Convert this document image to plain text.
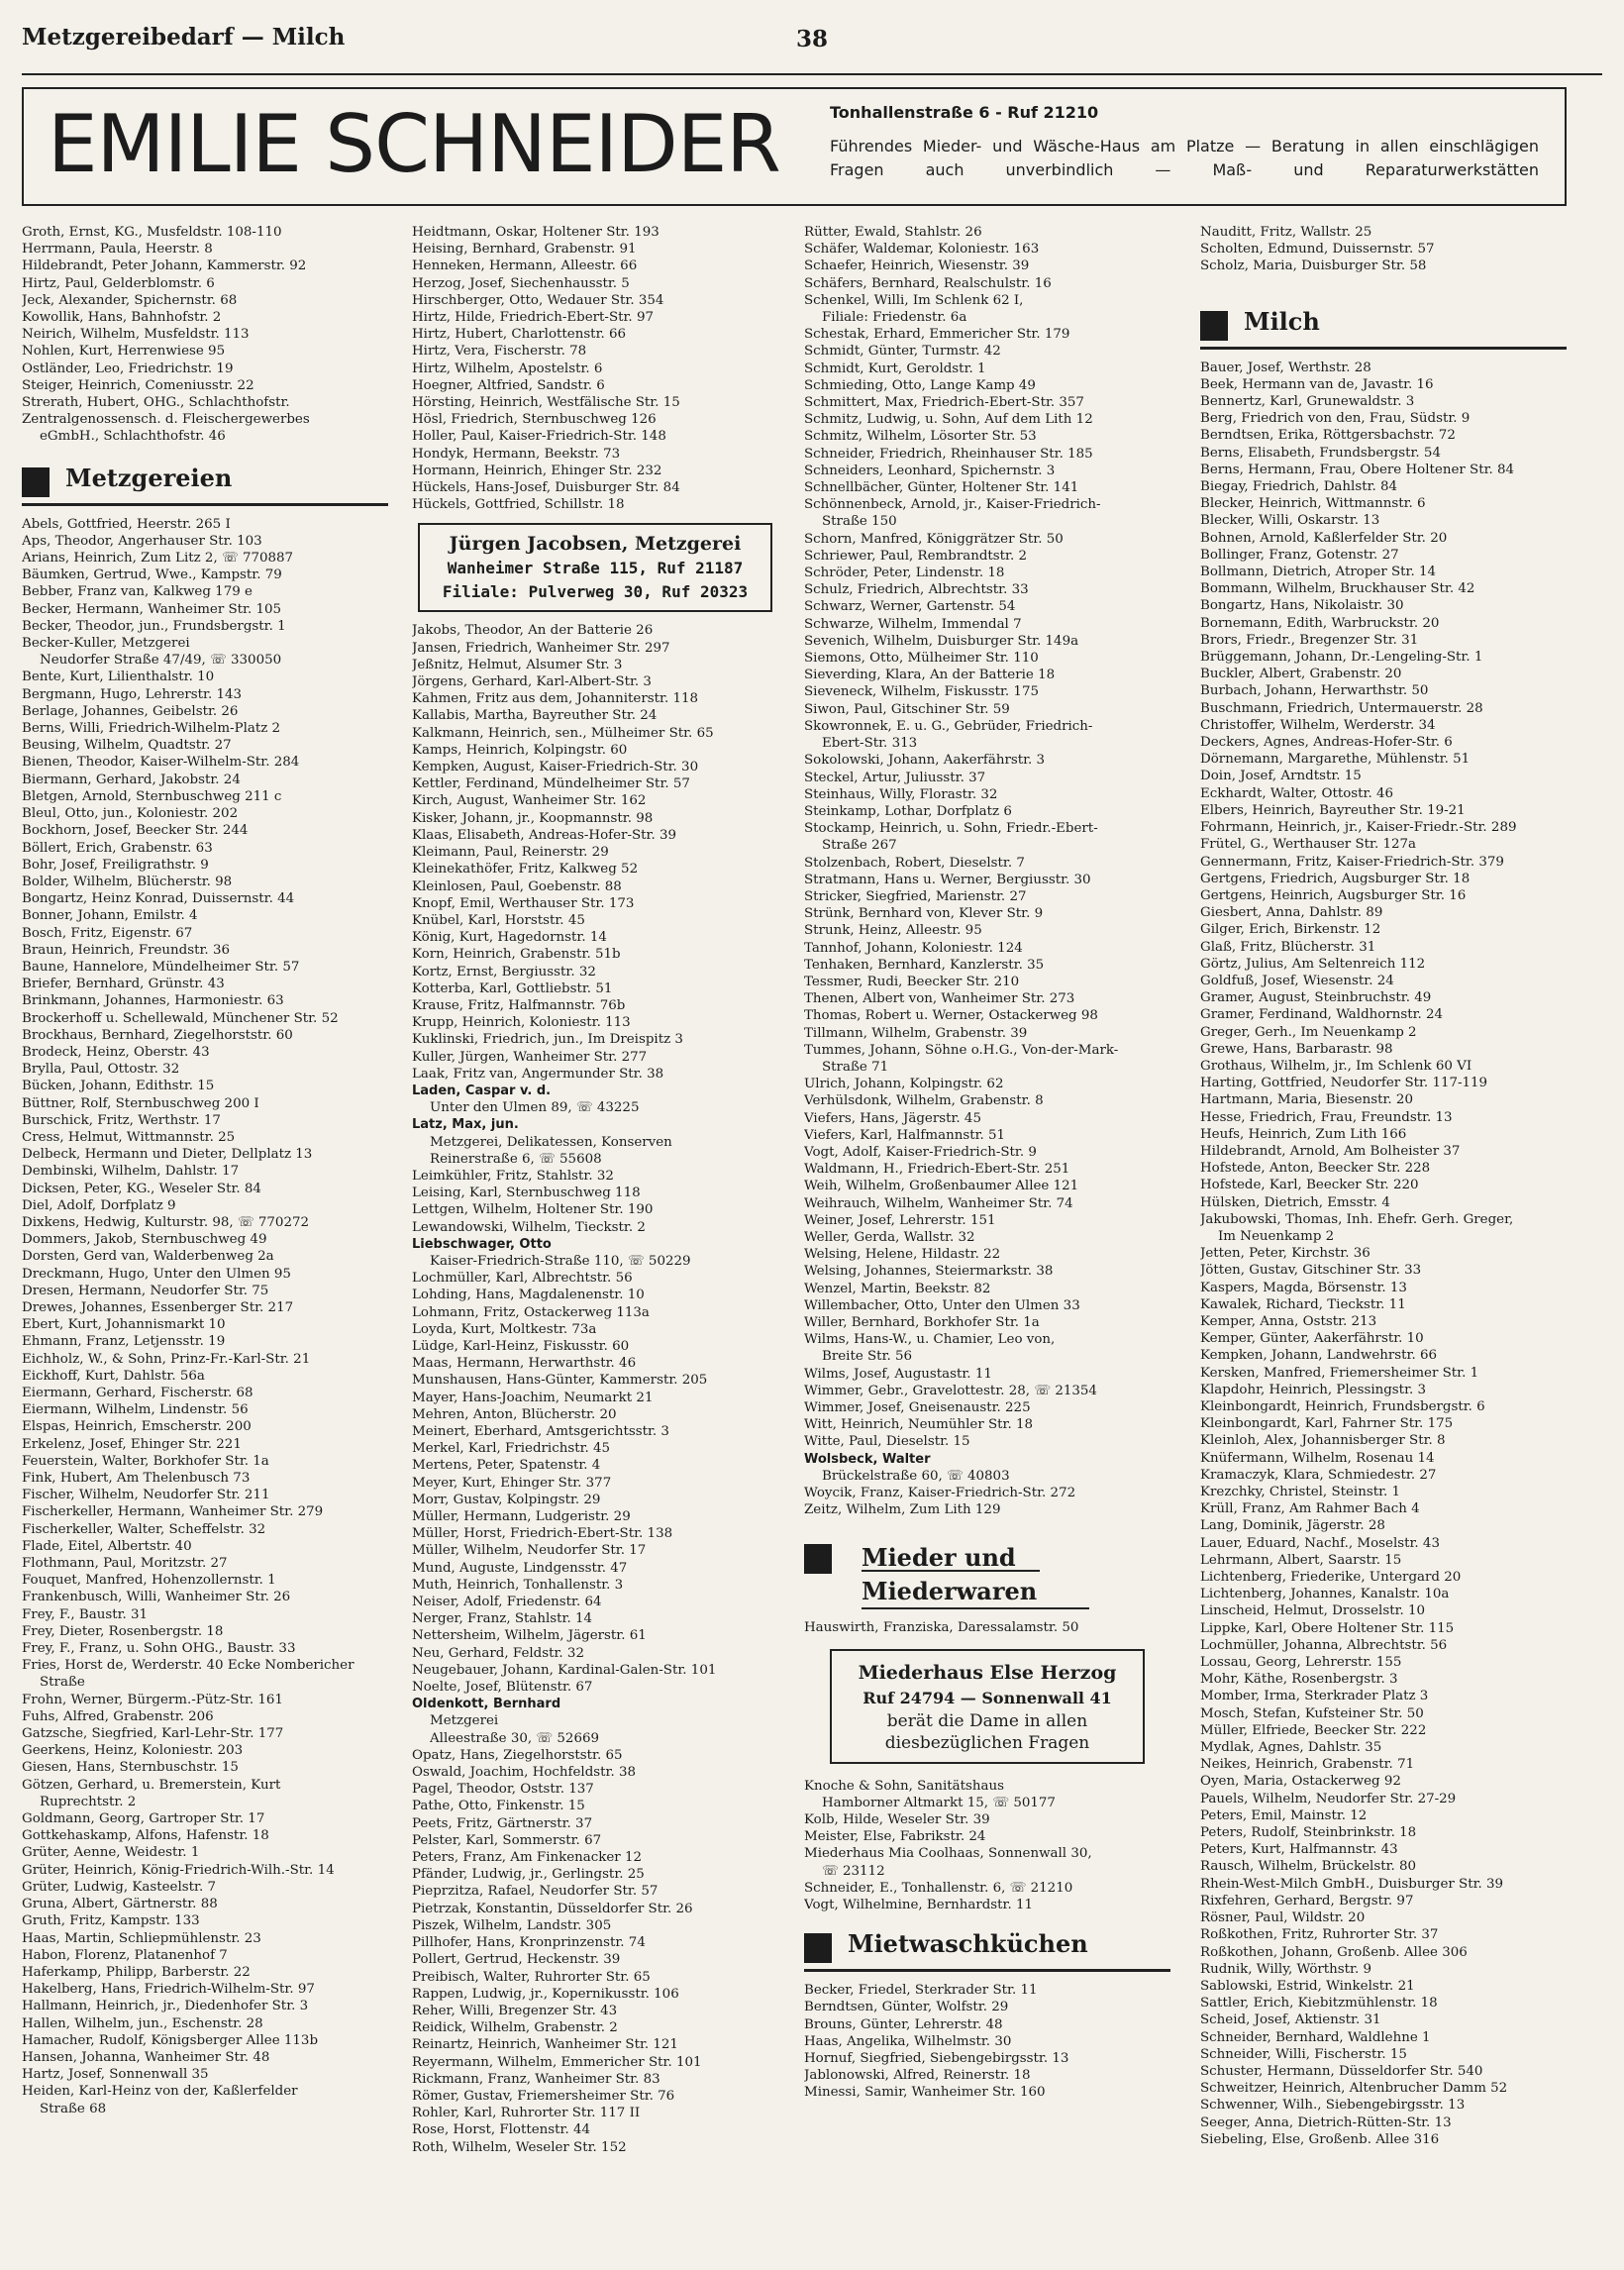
38
Metzgereibedarf — Milch
EMILIE SCHNEIDER	Tonhallenstraße 6 - Ruf 21210
Führendes Mieder- und Wäsche-Haus am Platze — Beratung in allen einschlägigen Fragen auch unverbindlich — Maß- und Reparaturwerkstätten
Groth, Ernst, KG., Musfeldstr. 108-110
Herrmann, Paula, Heerstr. 8
Hildebrandt, Peter Johann, Kammerstr. 92
Hirtz, Paul, Gelderblomstr. 6
Jeck, Alexander, Spichernstr. 68
Kowollik, Hans, Bahnhofstr. 2
Neirich, Wilhelm, Musfeldstr. 113
Nohlen, Kurt, Herrenwiese 95
Ostländer, Leo, Friedrichstr. 19
Steiger, Heinrich, Comeniusstr. 22
Strerath, Hubert, OHG., Schlachthofstr.
Zentralgenossensch. d. Fleischergewerbes
eGmbH., Schlachthofstr. 46
Metzgereien
Abels, Gottfried, Heerstr. 265 I
Aps, Theodor, Angerhauser Str. 103
Arians, Heinrich, Zum Litz 2, ☏ 770887
Bäumken, Gertrud, Wwe., Kampstr. 79
Bebber, Franz van, Kalkweg 179 e
Becker, Hermann, Wanheimer Str. 105
Becker, Theodor, jun., Frundsbergstr. 1
Becker-Kuller, Metzgerei
Neudorfer Straße 47/49, ☏ 330050
Bente, Kurt, Lilienthalstr. 10
Bergmann, Hugo, Lehrerstr. 143
Berlage, Johannes, Geibelstr. 26
Berns, Willi, Friedrich-Wilhelm-Platz 2
Beusing, Wilhelm, Quadtstr. 27
Bienen, Theodor, Kaiser-Wilhelm-Str. 284
Biermann, Gerhard, Jakobstr. 24
Bletgen, Arnold, Sternbuschweg 211 c
Bleul, Otto, jun., Koloniestr. 202
Bockhorn, Josef, Beecker Str. 244
Böllert, Erich, Grabenstr. 63
Bohr, Josef, Freiligrathstr. 9
Bolder, Wilhelm, Blücherstr. 98
Bongartz, Heinz Konrad, Duissernstr. 44
Bonner, Johann, Emilstr. 4
Bosch, Fritz, Eigenstr. 67
Braun, Heinrich, Freundstr. 36
Baune, Hannelore, Mündelheimer Str. 57
Briefer, Bernhard, Grünstr. 43
Brinkmann, Johannes, Harmoniestr. 63
Brockerhoff u. Schellewald, Münchener Str. 52
Brockhaus, Bernhard, Ziegelhorststr. 60
Brodeck, Heinz, Oberstr. 43
Brylla, Paul, Ottostr. 32
Bücken, Johann, Edithstr. 15
Büttner, Rolf, Sternbuschweg 200 I
Burschick, Fritz, Werthstr. 17
Cress, Helmut, Wittmannstr. 25
Delbeck, Hermann und Dieter, Dellplatz 13
Dembinski, Wilhelm, Dahlstr. 17
Dicksen, Peter, KG., Weseler Str. 84
Diel, Adolf, Dorfplatz 9
Dixkens, Hedwig, Kulturstr. 98, ☏ 770272
Dommers, Jakob, Sternbuschweg 49
Dorsten, Gerd van, Walderbenweg 2a
Dreckmann, Hugo, Unter den Ulmen 95
Dresen, Hermann, Neudorfer Str. 75
Drewes, Johannes, Essenberger Str. 217
Ebert, Kurt, Johannismarkt 10
Ehmann, Franz, Letjensstr. 19
Eichholz, W., & Sohn, Prinz-Fr.-Karl-Str. 21
Eickhoff, Kurt, Dahlstr. 56a
Eiermann, Gerhard, Fischerstr. 68
Eiermann, Wilhelm, Lindenstr. 56
Elspas, Heinrich, Emscherstr. 200
Erkelenz, Josef, Ehinger Str. 221
Feuerstein, Walter, Borkhofer Str. 1a
Fink, Hubert, Am Thelenbusch 73
Fischer, Wilhelm, Neudorfer Str. 211
Fischerkeller, Hermann, Wanheimer Str. 279
Fischerkeller, Walter, Scheffelstr. 32
Flade, Eitel, Albertstr. 40
Flothmann, Paul, Moritzstr. 27
Fouquet, Manfred, Hohenzollernstr. 1
Frankenbusch, Willi, Wanheimer Str. 26
Frey, F., Baustr. 31
Frey, Dieter, Rosenbergstr. 18
Frey, F., Franz, u. Sohn OHG., Baustr. 33
Fries, Horst de, Werderstr. 40 Ecke Nombericher
Straße
Frohn, Werner, Bürgerm.-Pütz-Str. 161
Fuhs, Alfred, Grabenstr. 206
Gatzsche, Siegfried, Karl-Lehr-Str. 177
Geerkens, Heinz, Koloniestr. 203
Giesen, Hans, Sternbuschstr. 15
Götzen, Gerhard, u. Bremerstein, Kurt
Ruprechtstr. 2
Goldmann, Georg, Gartroper Str. 17
Gottkehaskamp, Alfons, Hafenstr. 18
Grüter, Aenne, Weidestr. 1
Grüter, Heinrich, König-Friedrich-Wilh.-Str. 14
Grüter, Ludwig, Kasteelstr. 7
Gruna, Albert, Gärtnerstr. 88
Gruth, Fritz, Kampstr. 133
Haas, Martin, Schliepmühlenstr. 23
Habon, Florenz, Platanenhof 7
Haferkamp, Philipp, Barberstr. 22
Hakelberg, Hans, Friedrich-Wilhelm-Str. 97
Hallmann, Heinrich, jr., Diedenhofer Str. 3
Hallen, Wilhelm, jun., Eschenstr. 28
Hamacher, Rudolf, Königsberger Allee 113b
Hansen, Johanna, Wanheimer Str. 48
Hartz, Josef, Sonnenwall 35
Heiden, Karl-Heinz von der, Kaßlerfelder
Straße 68
Heidtmann, Oskar, Holtener Str. 193
Heising, Bernhard, Grabenstr. 91
Henneken, Hermann, Alleestr. 66
Herzog, Josef, Siechenhausstr. 5
Hirschberger, Otto, Wedauer Str. 354
Hirtz, Hilde, Friedrich-Ebert-Str. 97
Hirtz, Hubert, Charlottenstr. 66
Hirtz, Vera, Fischerstr. 78
Hirtz, Wilhelm, Apostelstr. 6
Hoegner, Altfried, Sandstr. 6
Hörsting, Heinrich, Westfälische Str. 15
Hösl, Friedrich, Sternbuschweg 126
Holler, Paul, Kaiser-Friedrich-Str. 148
Hondyk, Hermann, Beekstr. 73
Hormann, Heinrich, Ehinger Str. 232
Hückels, Hans-Josef, Duisburger Str. 84
Hückels, Gottfried, Schillstr. 18
Jürgen Jacobsen, Metzgerei
Wanheimer Straße 115, Ruf 21187
Filiale: Pulverweg 30, Ruf 20323
Jakobs, Theodor, An der Batterie 26
Jansen, Friedrich, Wanheimer Str. 297
Jeßnitz, Helmut, Alsumer Str. 3
Jörgens, Gerhard, Karl-Albert-Str. 3
Kahmen, Fritz aus dem, Johanniterstr. 118
Kallabis, Martha, Bayreuther Str. 24
Kalkmann, Heinrich, sen., Mülheimer Str. 65
Kamps, Heinrich, Kolpingstr. 60
Kempken, August, Kaiser-Friedrich-Str. 30
Kettler, Ferdinand, Mündelheimer Str. 57
Kirch, August, Wanheimer Str. 162
Kisker, Johann, jr., Koopmannstr. 98
Klaas, Elisabeth, Andreas-Hofer-Str. 39
Kleimann, Paul, Reinerstr. 29
Kleinekathöfer, Fritz, Kalkweg 52
Kleinlosen, Paul, Goebenstr. 88
Knopf, Emil, Werthauser Str. 173
Knübel, Karl, Horststr. 45
König, Kurt, Hagedornstr. 14
Korn, Heinrich, Grabenstr. 51b
Kortz, Ernst, Bergiusstr. 32
Kotterba, Karl, Gottliebstr. 51
Krause, Fritz, Halfmannstr. 76b
Krupp, Heinrich, Koloniestr. 113
Kuklinski, Friedrich, jun., Im Dreispitz 3
Kuller, Jürgen, Wanheimer Str. 277
Laak, Fritz van, Angermunder Str. 38
Laden, Caspar v. d.
Unter den Ulmen 89, ☏ 43225
Latz, Max, jun.
Metzgerei, Delikatessen, Konserven
Reinerstraße 6, ☏ 55608
Leimkühler, Fritz, Stahlstr. 32
Leising, Karl, Sternbuschweg 118
Lettgen, Wilhelm, Holtener Str. 190
Lewandowski, Wilhelm, Tieckstr. 2
Liebschwager, Otto
Kaiser-Friedrich-Straße 110, ☏ 50229
Lochmüller, Karl, Albrechtstr. 56
Lohding, Hans, Magdalenenstr. 10
Lohmann, Fritz, Ostackerweg 113a
Loyda, Kurt, Moltkestr. 73a
Lüdge, Karl-Heinz, Fiskusstr. 60
Maas, Hermann, Herwarthstr. 46
Munshausen, Hans-Günter, Kammerstr. 205
Mayer, Hans-Joachim, Neumarkt 21
Mehren, Anton, Blücherstr. 20
Meinert, Eberhard, Amtsgerichtsstr. 3
Merkel, Karl, Friedrichstr. 45
Mertens, Peter, Spatenstr. 4
Meyer, Kurt, Ehinger Str. 377
Morr, Gustav, Kolpingstr. 29
Müller, Hermann, Ludgeristr. 29
Müller, Horst, Friedrich-Ebert-Str. 138
Müller, Wilhelm, Neudorfer Str. 17
Mund, Auguste, Lindgensstr. 47
Muth, Heinrich, Tonhallenstr. 3
Neiser, Adolf, Friedenstr. 64
Nerger, Franz, Stahlstr. 14
Nettersheim, Wilhelm, Jägerstr. 61
Neu, Gerhard, Feldstr. 32
Neugebauer, Johann, Kardinal-Galen-Str. 101
Noelte, Josef, Blütenstr. 67
Oldenkott, Bernhard
Metzgerei
Alleestraße 30, ☏ 52669
Opatz, Hans, Ziegelhorststr. 65
Oswald, Joachim, Hochfeldstr. 38
Pagel, Theodor, Oststr. 137
Pathe, Otto, Finkenstr. 15
Peets, Fritz, Gärtnerstr. 37
Pelster, Karl, Sommerstr. 67
Peters, Franz, Am Finkenacker 12
Pfänder, Ludwig, jr., Gerlingstr. 25
Pieprzitza, Rafael, Neudorfer Str. 57
Pietrzak, Konstantin, Düsseldorfer Str. 26
Piszek, Wilhelm, Landstr. 305
Pillhofer, Hans, Kronprinzenstr. 74
Pollert, Gertrud, Heckenstr. 39
Preibisch, Walter, Ruhrorter Str. 65
Rappen, Ludwig, jr., Kopernikusstr. 106
Reher, Willi, Bregenzer Str. 43
Reidick, Wilhelm, Grabenstr. 2
Reinartz, Heinrich, Wanheimer Str. 121
Reyermann, Wilhelm, Emmericher Str. 101
Rickmann, Franz, Wanheimer Str. 83
Römer, Gustav, Friemersheimer Str. 76
Rohler, Karl, Ruhrorter Str. 117 II
Rose, Horst, Flottenstr. 44
Roth, Wilhelm, Weseler Str. 152
Rütter, Ewald, Stahlstr. 26
Schäfer, Waldemar, Koloniestr. 163
Schaefer, Heinrich, Wiesenstr. 39
Schäfers, Bernhard, Realschulstr. 16
Schenkel, Willi, Im Schlenk 62 I,
Filiale: Friedenstr. 6a
Schestak, Erhard, Emmericher Str. 179
Schmidt, Günter, Turmstr. 42
Schmidt, Kurt, Geroldstr. 1
Schmieding, Otto, Lange Kamp 49
Schmittert, Max, Friedrich-Ebert-Str. 357
Schmitz, Ludwig, u. Sohn, Auf dem Lith 12
Schmitz, Wilhelm, Lösorter Str. 53
Schneider, Friedrich, Rheinhauser Str. 185
Schneiders, Leonhard, Spichernstr. 3
Schnellbächer, Günter, Holtener Str. 141
Schönnenbeck, Arnold, jr., Kaiser-Friedrich-
Straße 150
Schorn, Manfred, Königgrätzer Str. 50
Schriewer, Paul, Rembrandtstr. 2
Schröder, Peter, Lindenstr. 18
Schulz, Friedrich, Albrechtstr. 33
Schwarz, Werner, Gartenstr. 54
Schwarze, Wilhelm, Immendal 7
Sevenich, Wilhelm, Duisburger Str. 149a
Siemons, Otto, Mülheimer Str. 110
Sieverding, Klara, An der Batterie 18
Sieveneck, Wilhelm, Fiskusstr. 175
Siwon, Paul, Gitschiner Str. 59
Skowronnek, E. u. G., Gebrüder, Friedrich-
Ebert-Str. 313
Sokolowski, Johann, Aakerfährstr. 3
Steckel, Artur, Juliusstr. 37
Steinhaus, Willy, Florastr. 32
Steinkamp, Lothar, Dorfplatz 6
Stockamp, Heinrich, u. Sohn, Friedr.-Ebert-
Straße 267
Stolzenbach, Robert, Dieselstr. 7
Stratmann, Hans u. Werner, Bergiusstr. 30
Stricker, Siegfried, Marienstr. 27
Strünk, Bernhard von, Klever Str. 9
Strunk, Heinz, Alleestr. 95
Tannhof, Johann, Koloniestr. 124
Tenhaken, Bernhard, Kanzlerstr. 35
Tessmer, Rudi, Beecker Str. 210
Thenen, Albert von, Wanheimer Str. 273
Thomas, Robert u. Werner, Ostackerweg 98
Tillmann, Wilhelm, Grabenstr. 39
Tummes, Johann, Söhne o.H.G., Von-der-Mark-
Straße 71
Ulrich, Johann, Kolpingstr. 62
Verhülsdonk, Wilhelm, Grabenstr. 8
Viefers, Hans, Jägerstr. 45
Viefers, Karl, Halfmannstr. 51
Vogt, Adolf, Kaiser-Friedrich-Str. 9
Waldmann, H., Friedrich-Ebert-Str. 251
Weih, Wilhelm, Großenbaumer Allee 121
Weihrauch, Wilhelm, Wanheimer Str. 74
Weiner, Josef, Lehrerstr. 151
Weller, Gerda, Wallstr. 32
Welsing, Helene, Hildastr. 22
Welsing, Johannes, Steiermarkstr. 38
Wenzel, Martin, Beekstr. 82
Willembacher, Otto, Unter den Ulmen 33
Willer, Bernhard, Borkhofer Str. 1a
Wilms, Hans-W., u. Chamier, Leo von,
Breite Str. 56
Wilms, Josef, Augustastr. 11
Wimmer, Gebr., Gravelottestr. 28, ☏ 21354
Wimmer, Josef, Gneisenaustr. 225
Witt, Heinrich, Neumühler Str. 18
Witte, Paul, Dieselstr. 15
Wolsbeck, Walter
Brückelstraße 60, ☏ 40803
Woycik, Franz, Kaiser-Friedrich-Str. 272
Zeitz, Wilhelm, Zum Lith 129
Mieder und
Miederwaren
Hauswirth, Franziska, Daressalamstr. 50
Miederhaus Else Herzog
Ruf 24794 — Sonnenwall 41
berät die Dame in allen
diesbezüglichen Fragen
Knoche & Sohn, Sanitätshaus
Hamborner Altmarkt 15, ☏ 50177
Kolb, Hilde, Weseler Str. 39
Meister, Else, Fabrikstr. 24
Miederhaus Mia Coolhaas, Sonnenwall 30,
☏ 23112
Schneider, E., Tonhallenstr. 6, ☏ 21210
Vogt, Wilhelmine, Bernhardstr. 11
Mietwaschküchen
Becker, Friedel, Sterkrader Str. 11
Berndtsen, Günter, Wolfstr. 29
Brouns, Günter, Lehrerstr. 48
Haas, Angelika, Wilhelmstr. 30
Hornuf, Siegfried, Siebengebirgsstr. 13
Jablonowski, Alfred, Reinerstr. 18
Minessi, Samir, Wanheimer Str. 160
Nauditt, Fritz, Wallstr. 25
Scholten, Edmund, Duissernstr. 57
Scholz, Maria, Duisburger Str. 58
Milch
Bauer, Josef, Werthstr. 28
Beek, Hermann van de, Javastr. 16
Bennertz, Karl, Grunewaldstr. 3
Berg, Friedrich von den, Frau, Südstr. 9
Berndtsen, Erika, Röttgersbachstr. 72
Berns, Elisabeth, Frundsbergstr. 54
Berns, Hermann, Frau, Obere Holtener Str. 84
Biegay, Friedrich, Dahlstr. 84
Blecker, Heinrich, Wittmannstr. 6
Blecker, Willi, Oskarstr. 13
Bohnen, Arnold, Kaßlerfelder Str. 20
Bollinger, Franz, Gotenstr. 27
Bollmann, Dietrich, Atroper Str. 14
Bommann, Wilhelm, Bruckhauser Str. 42
Bongartz, Hans, Nikolaistr. 30
Bornemann, Edith, Warbruckstr. 20
Brors, Friedr., Bregenzer Str. 31
Brüggemann, Johann, Dr.-Lengeling-Str. 1
Buckler, Albert, Grabenstr. 20
Burbach, Johann, Herwarthstr. 50
Buschmann, Friedrich, Untermauerstr. 28
Christoffer, Wilhelm, Werderstr. 34
Deckers, Agnes, Andreas-Hofer-Str. 6
Dörnemann, Margarethe, Mühlenstr. 51
Doin, Josef, Arndtstr. 15
Eckhardt, Walter, Ottostr. 46
Elbers, Heinrich, Bayreuther Str. 19-21
Fohrmann, Heinrich, jr., Kaiser-Friedr.-Str. 289
Frütel, G., Werthauser Str. 127a
Gennermann, Fritz, Kaiser-Friedrich-Str. 379
Gertgens, Friedrich, Augsburger Str. 18
Gertgens, Heinrich, Augsburger Str. 16
Giesbert, Anna, Dahlstr. 89
Gilger, Erich, Birkenstr. 12
Glaß, Fritz, Blücherstr. 31
Görtz, Julius, Am Seltenreich 112
Goldfuß, Josef, Wiesenstr. 24
Gramer, August, Steinbruchstr. 49
Gramer, Ferdinand, Waldhornstr. 24
Greger, Gerh., Im Neuenkamp 2
Grewe, Hans, Barbarastr. 98
Grothaus, Wilhelm, jr., Im Schlenk 60 VI
Harting, Gottfried, Neudorfer Str. 117-119
Hartmann, Maria, Biesenstr. 20
Hesse, Friedrich, Frau, Freundstr. 13
Heufs, Heinrich, Zum Lith 166
Hildebrandt, Arnold, Am Bolheister 37
Hofstede, Anton, Beecker Str. 228
Hofstede, Karl, Beecker Str. 220
Hülsken, Dietrich, Emsstr. 4
Jakubowski, Thomas, Inh. Ehefr. Gerh. Greger,
Im Neuenkamp 2
Jetten, Peter, Kirchstr. 36
Jötten, Gustav, Gitschiner Str. 33
Kaspers, Magda, Börsenstr. 13
Kawalek, Richard, Tieckstr. 11
Kemper, Anna, Oststr. 213
Kemper, Günter, Aakerfährstr. 10
Kempken, Johann, Landwehrstr. 66
Kersken, Manfred, Friemersheimer Str. 1
Klapdohr, Heinrich, Plessingstr. 3
Kleinbongardt, Heinrich, Frundsbergstr. 6
Kleinbongardt, Karl, Fahrner Str. 175
Kleinloh, Alex, Johannisberger Str. 8
Knüfermann, Wilhelm, Rosenau 14
Kramaczyk, Klara, Schmiedestr. 27
Krezchky, Christel, Steinstr. 1
Krüll, Franz, Am Rahmer Bach 4
Lang, Dominik, Jägerstr. 28
Lauer, Eduard, Nachf., Moselstr. 43
Lehrmann, Albert, Saarstr. 15
Lichtenberg, Friederike, Untergard 20
Lichtenberg, Johannes, Kanalstr. 10a
Linscheid, Helmut, Drosselstr. 10
Lippke, Karl, Obere Holtener Str. 115
Lochmüller, Johanna, Albrechtstr. 56
Lossau, Georg, Lehrerstr. 155
Mohr, Käthe, Rosenbergstr. 3
Momber, Irma, Sterkrader Platz 3
Mosch, Stefan, Kufsteiner Str. 50
Müller, Elfriede, Beecker Str. 222
Mydlak, Agnes, Dahlstr. 35
Neikes, Heinrich, Grabenstr. 71
Oyen, Maria, Ostackerweg 92
Pauels, Wilhelm, Neudorfer Str. 27-29
Peters, Emil, Mainstr. 12
Peters, Rudolf, Steinbrinkstr. 18
Peters, Kurt, Halfmannstr. 43
Rausch, Wilhelm, Brückelstr. 80
Rhein-West-Milch GmbH., Duisburger Str. 39
Rixfehren, Gerhard, Bergstr. 97
Rösner, Paul, Wildstr. 20
Roßkothen, Fritz, Ruhrorter Str. 37
Roßkothen, Johann, Großenb. Allee 306
Rudnik, Willy, Wörthstr. 9
Sablowski, Estrid, Winkelstr. 21
Sattler, Erich, Kiebitzmühlenstr. 18
Scheid, Josef, Aktienstr. 31
Schneider, Bernhard, Waldlehne 1
Schneider, Willi, Fischerstr. 15
Schuster, Hermann, Düsseldorfer Str. 540
Schweitzer, Heinrich, Altenbrucher Damm 52
Schwenner, Wilh., Siebengebirgsstr. 13
Seeger, Anna, Dietrich-Rütten-Str. 13
Siebeling, Else, Großenb. Allee 316
